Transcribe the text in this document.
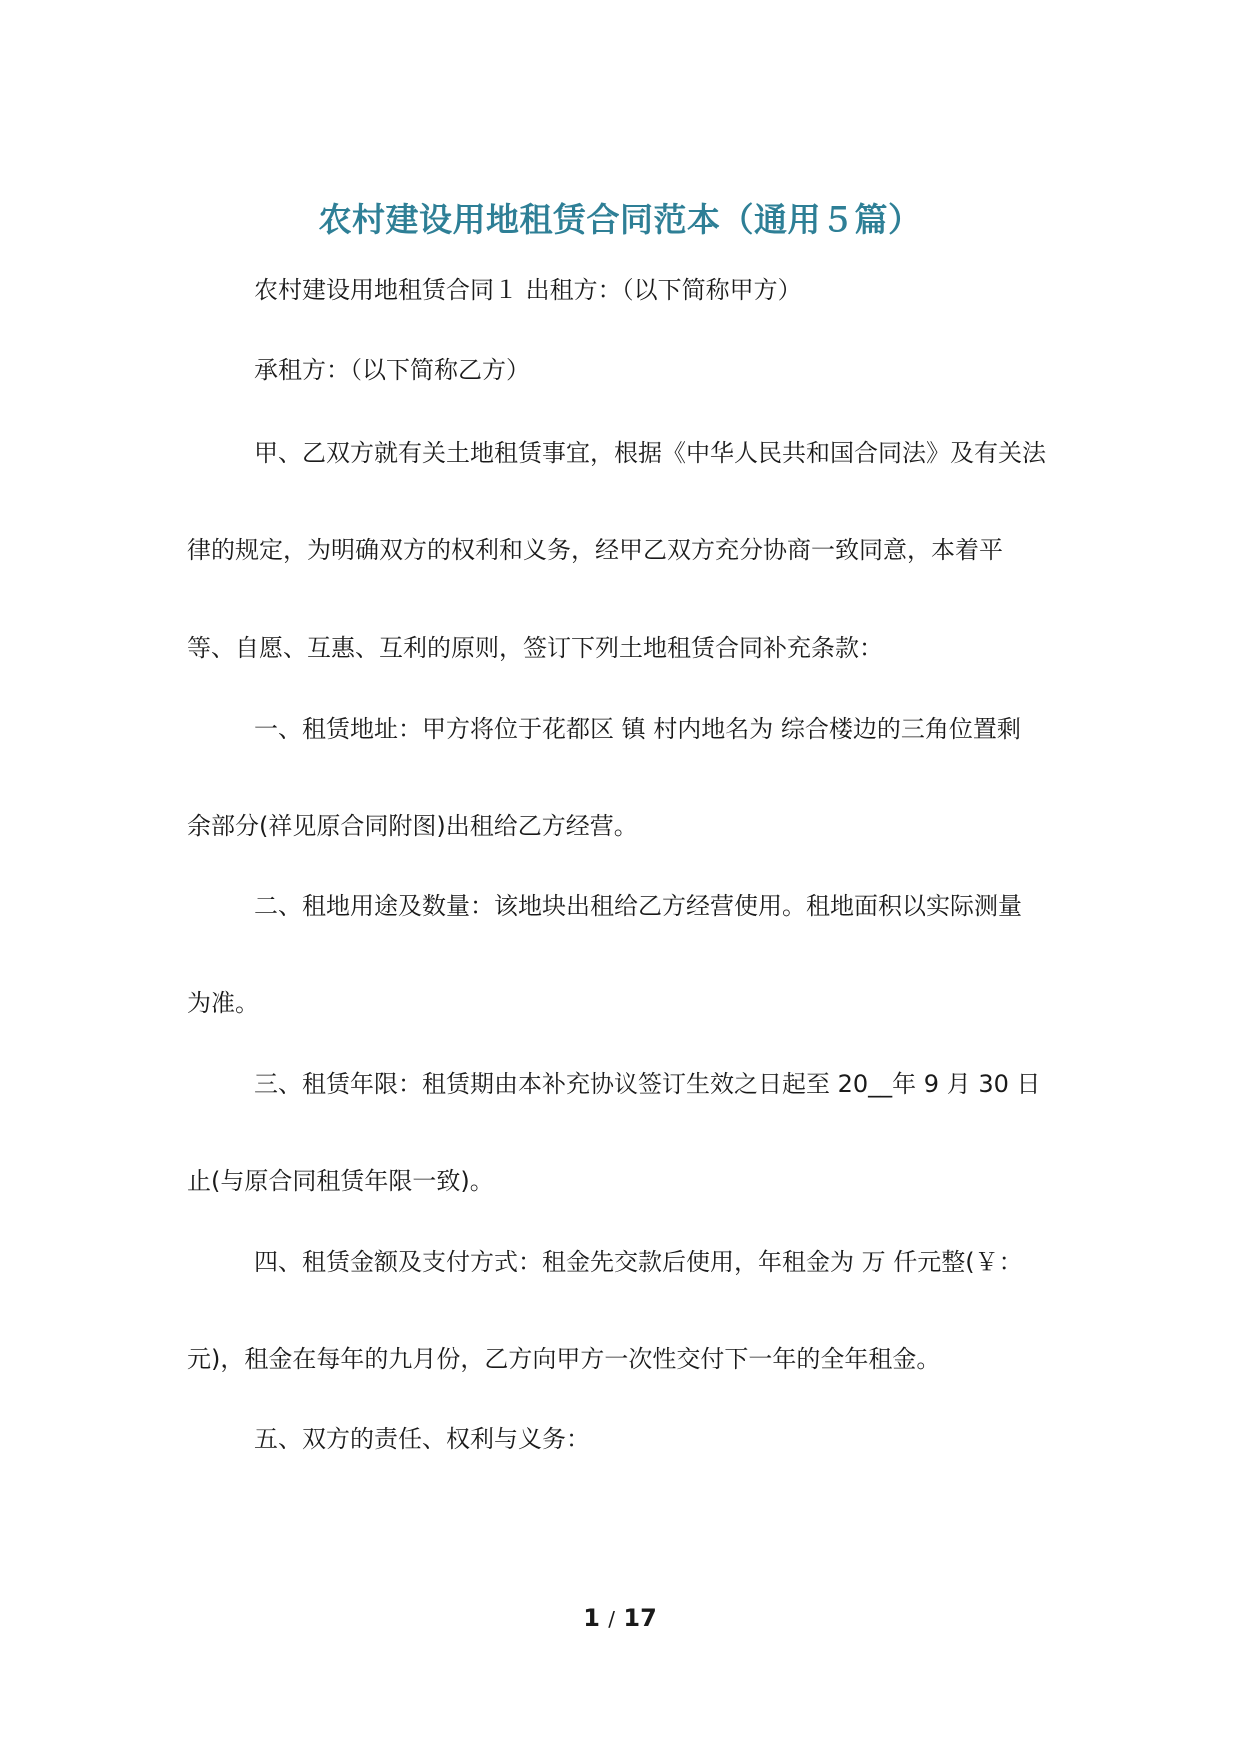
农村建设用地租赁合同范本（通用５篇）

农村建设用地租赁合同１ 出租方：（以下简称甲方）

承租方：（以下简称乙方）

甲、乙双方就有关土地租赁事宜，根据《中华人民共和国合同法》及有关法

律的规定，为明确双方的权利和义务，经甲乙双方充分协商一致同意，本着平

等、自愿、互惠、互利的原则，签订下列土地租赁合同补充条款：

一、租赁地址：甲方将位于花都区 镇 村内地名为 综合楼边的三角位置剩

余部分(祥见原合同附图)出租给乙方经营。

二、租地用途及数量：该地块出租给乙方经营使用。租地面积以实际测量

为准。

三、租赁年限：租赁期由本补充协议签订生效之日起至 20__年 9 月 30 日

止(与原合同租赁年限一致)。

四、租赁金额及支付方式：租金先交款后使用，年租金为 万 仟元整(￥：

元)，租金在每年的九月份，乙方向甲方一次性交付下一年的全年租金。

五、双方的责任、权利与义务：

1 / 17
